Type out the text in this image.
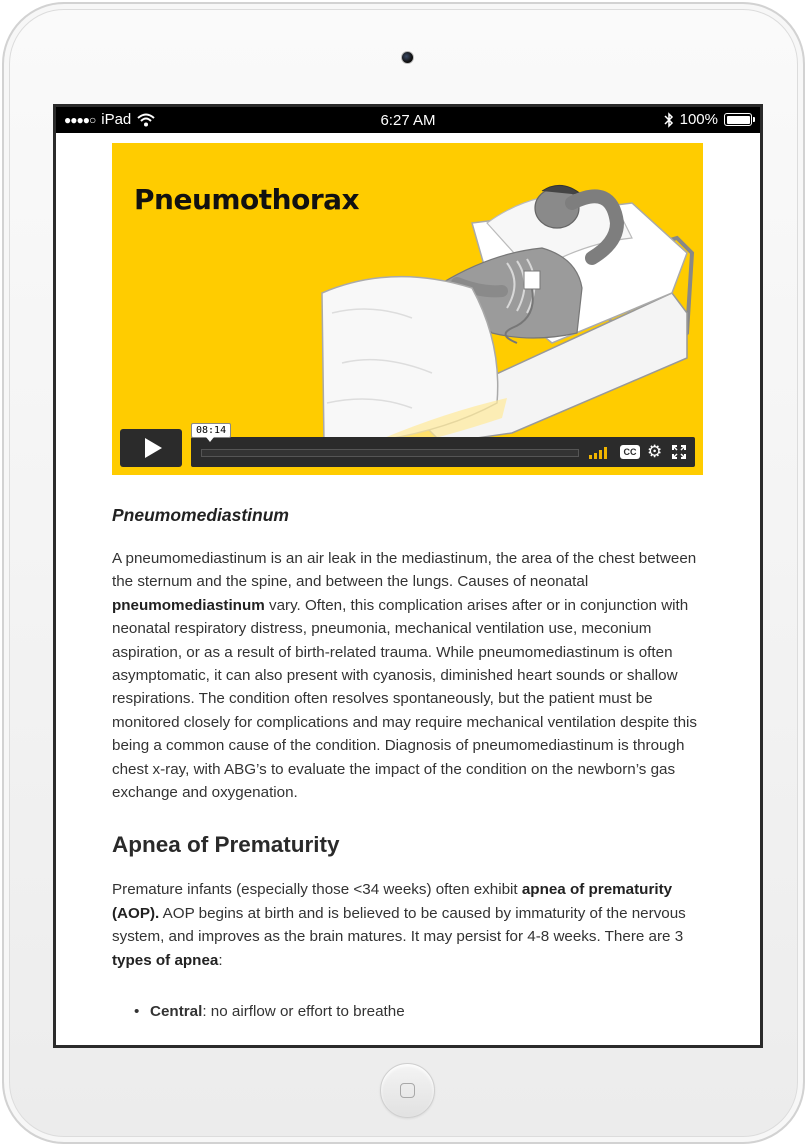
●●●●○ iPad	6:27 AM	100%
Pneumothorax
CC ⚙
08:14
Pneumomediastinum

A pneumomediastinum is an air leak in the mediastinum, the area of the chest between the sternum and the spine, and between the lungs. Causes of neonatal pneumomediastinum vary. Often, this complication arises after or in conjunction with neonatal respiratory distress, pneumonia, mechanical ventilation use, meconium aspiration, or as a result of birth-related trauma. While pneumomediastinum is often asymptomatic, it can also present with cyanosis, diminished heart sounds or shallow respirations. The condition often resolves spontaneously, but the patient must be monitored closely for complications and may require mechanical ventilation despite this being a common cause of the condition. Diagnosis of pneumomediastinum is through chest x-ray, with ABG’s to evaluate the impact of the condition on the newborn’s gas exchange and oxygenation.

Apnea of Prematurity

Premature infants (especially those <34 weeks) often exhibit apnea of prematurity (AOP). AOP begins at birth and is believed to be caused by immaturity of the nervous system, and improves as the brain matures. It may persist for 4-8 weeks. There are 3 types of apnea:

• Central: no airflow or effort to breathe
